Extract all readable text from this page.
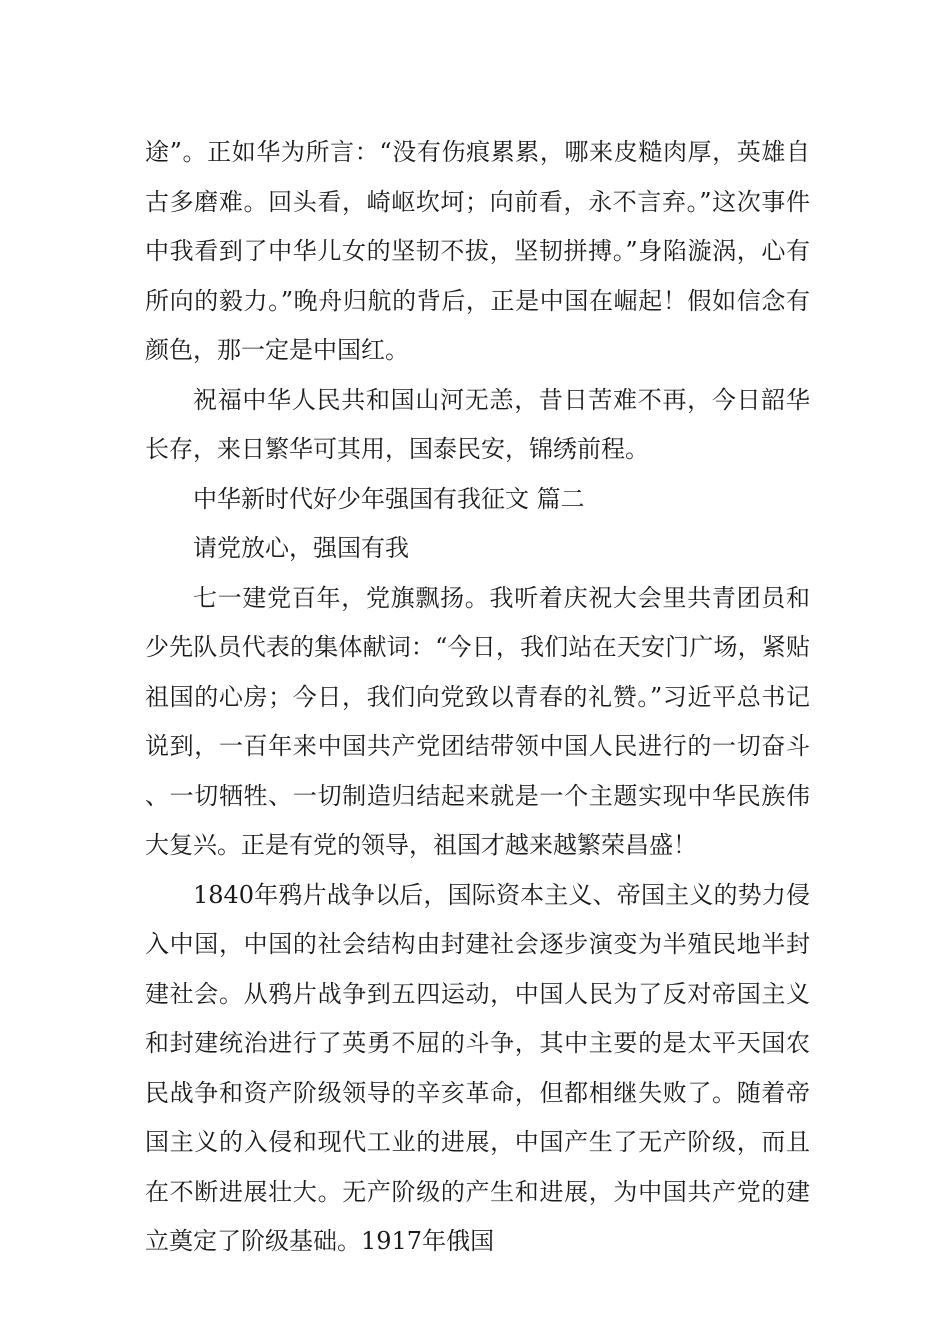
途”。正如华为所言：“没有伤痕累累，哪来皮糙肉厚，英雄自古多磨难。回头看，崎岖坎坷；向前看，永不言弃。”这次事件中我看到了中华儿女的坚韧不拔，坚韧拼搏。”身陷漩涡，心有所向的毅力。”晚舟归航的背后，正是中国在崛起！假如信念有颜色，那一定是中国红。

祝福中华人民共和国山河无恙，昔日苦难不再，今日韶华长存，来日繁华可其用，国泰民安，锦绣前程。

中华新时代好少年强国有我征文 篇二

请党放心，强国有我

七一建党百年，党旗飘扬。我听着庆祝大会里共青团员和少先队员代表的集体献词：“今日，我们站在天安门广场，紧贴祖国的心房；今日，我们向党致以青春的礼赞。”习近平总书记说到，一百年来中国共产党团结带领中国人民进行的一切奋斗、一切牺牲、一切制造归结起来就是一个主题实现中华民族伟大复兴。正是有党的领导，祖国才越来越繁荣昌盛！

1840年鸦片战争以后，国际资本主义、帝国主义的势力侵入中国，中国的社会结构由封建社会逐步演变为半殖民地半封建社会。从鸦片战争到五四运动，中国人民为了反对帝国主义和封建统治进行了英勇不屈的斗争，其中主要的是太平天国农民战争和资产阶级领导的辛亥革命，但都相继失败了。随着帝国主义的入侵和现代工业的进展，中国产生了无产阶级，而且在不断进展壮大。无产阶级的产生和进展，为中国共产党的建立奠定了阶级基础。1917年俄国
